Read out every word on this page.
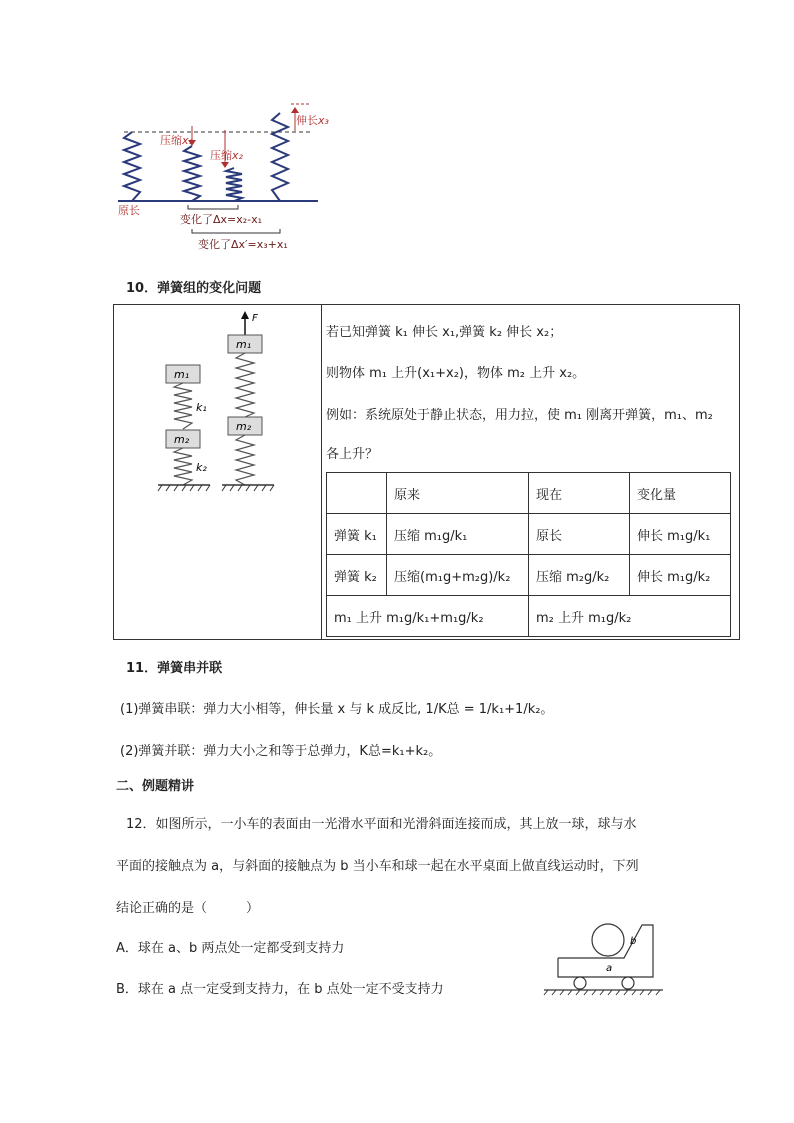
压缩x₁
压缩x₂
伸长x₃
原长
变化了Δx=x₂-x₁
变化了Δx′=x₃+x₁
10．弹簧组的变化问题
m₁
m₂
k₁
k₂
m₁
m₂
F
若已知弹簧 k₁ 伸长 x₁,弹簧 k₂ 伸长 x₂；
则物体 m₁ 上升(x₁+x₂)，物体 m₂ 上升 x₂。
例如：系统原处于静止状态，用力拉，使 m₁ 刚离开弹簧，m₁、m₂
各上升？
	原来	现在	变化量
弹簧 k₁	压缩 m₁g/k₁	原长	伸长 m₁g/k₁
弹簧 k₂	压缩(m₁g+m₂g)/k₂	压缩 m₂g/k₂	伸长 m₁g/k₂
m₁ 上升 m₁g/k₁+m₁g/k₂		m₂ 上升 m₁g/k₂	
11．弹簧串并联
(1)弹簧串联：弹力大小相等，伸长量 x 与 k 成反比, 1/K总 = 1/k₁+1/k₂。
(2)弹簧并联：弹力大小之和等于总弹力，K总=k₁+k₂。
二、例题精讲
12．如图所示，一小车的表面由一光滑水平面和光滑斜面连接而成，其上放一球，球与水
平面的接触点为 a，与斜面的接触点为 b 当小车和球一起在水平桌面上做直线运动时，下列
结论正确的是（　　　）
A．球在 a、b 两点处一定都受到支持力
B．球在 a 点一定受到支持力，在 b 点处一定不受支持力
b
a
